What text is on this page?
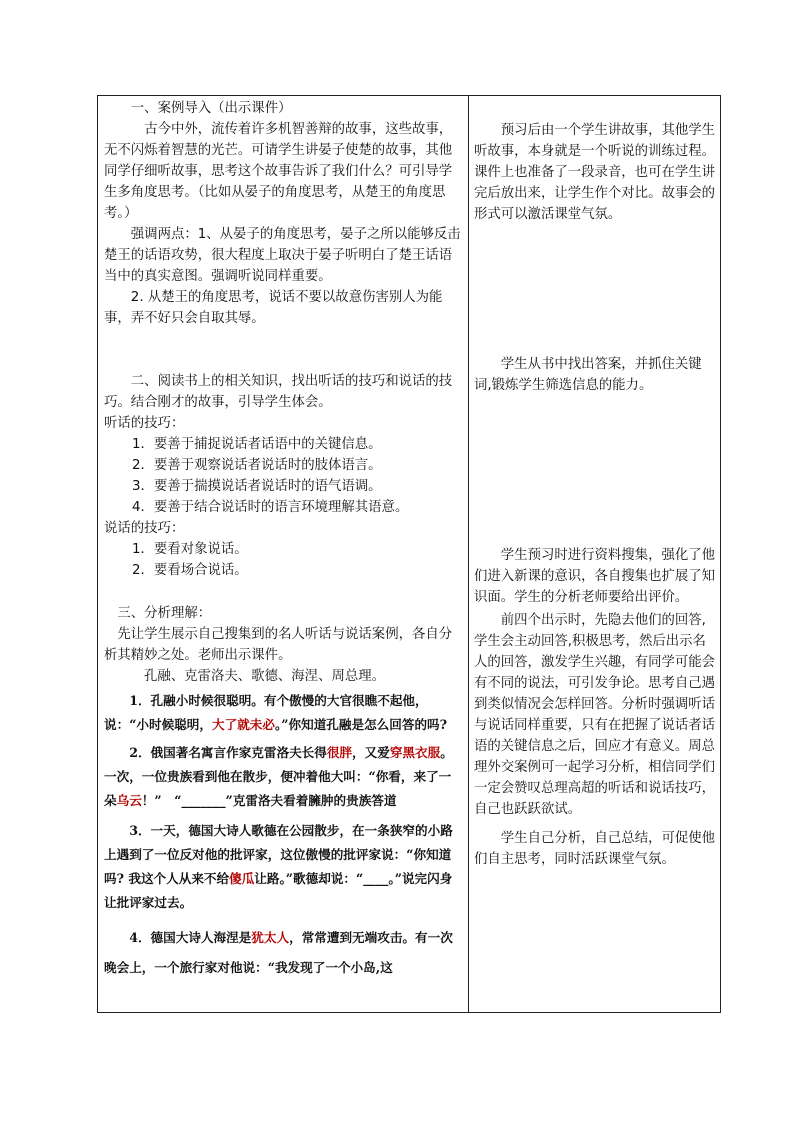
一、案例导入（出示课件）

古今中外，流传着许多机智善辩的故事，这些故事，无不闪烁着智慧的光芒。可请学生讲晏子使楚的故事，其他同学仔细听故事，思考这个故事告诉了我们什么？可引导学生多角度思考。（比如从晏子的角度思考，从楚王的角度思考。）

强调两点：1、从晏子的角度思考，晏子之所以能够反击楚王的话语攻势，很大程度上取决于晏子听明白了楚王话语当中的真实意图。强调听说同样重要。

2. 从楚王的角度思考，说话不要以故意伤害别人为能事，弄不好只会自取其辱。

二、阅读书上的相关知识，找出听话的技巧和说话的技巧。结合刚才的故事，引导学生体会。

听话的技巧：

1．要善于捕捉说话者话语中的关键信息。

2．要善于观察说话者说话时的肢体语言。

3．要善于揣摸说话者说话时的语气语调。

4．要善于结合说话时的语言环境理解其语意。

说话的技巧：

1．要看对象说话。

2．要看场合说话。

三、分析理解：

先让学生展示自己搜集到的名人听话与说话案例，各自分析其精妙之处。老师出示课件。

孔融、克雷洛夫、歌德、海涅、周总理。

1．孔融小时候很聪明。有个傲慢的大官很瞧不起他，说：“小时候聪明，大了就未必。”你知道孔融是怎么回答的吗?

2．俄国著名寓言作家克雷洛夫长得很胖，又爱穿黑衣服。一次，一位贵族看到他在散步，便冲着他大叫：“你看，来了一朵乌云！”　“_______”克雷洛夫看着臃肿的贵族答道

3．一天，德国大诗人歌德在公园散步，在一条狭窄的小路上遇到了一位反对他的批评家，这位傲慢的批评家说：“你知道吗? 我这个人从来不给傻瓜让路。”歌德却说：“____。”说完闪身让批评家过去。

4．德国大诗人海涅是犹太人，常常遭到无端攻击。有一次晚会上，一个旅行家对他说：“我发现了一个小岛,这

预习后由一个学生讲故事，其他学生听故事，本身就是一个听说的训练过程。课件上也准备了一段录音，也可在学生讲完后放出来，让学生作个对比。故事会的形式可以激活课堂气氛。

学生从书中找出答案，并抓住关键词,锻炼学生筛选信息的能力。

学生预习时进行资料搜集，强化了他们进入新课的意识，各自搜集也扩展了知识面。学生的分析老师要给出评价。

前四个出示时，先隐去他们的回答,学生会主动回答,积极思考，然后出示名人的回答，激发学生兴趣，有同学可能会有不同的说法，可引发争论。思考自己遇到类似情况会怎样回答。分析时强调听话与说话同样重要，只有在把握了说话者话语的关键信息之后，回应才有意义。周总理外交案例可一起学习分析，相信同学们一定会赞叹总理高超的听话和说话技巧，自己也跃跃欲试。

学生自己分析，自己总结，可促使他们自主思考，同时活跃课堂气氛。
